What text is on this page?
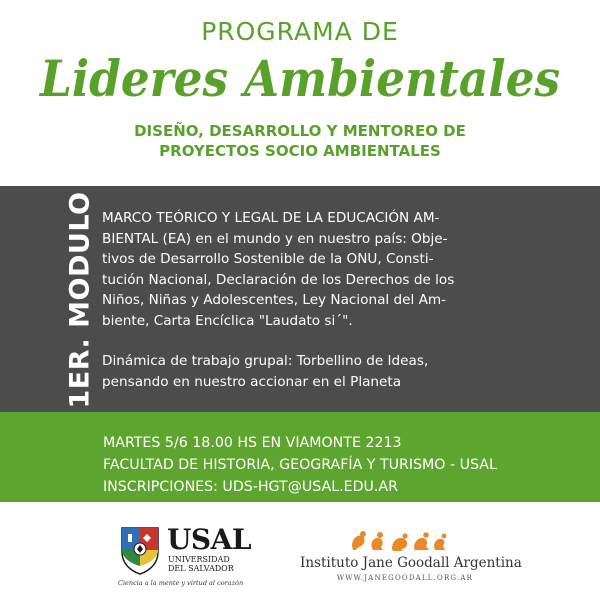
PROGRAMA DE
Lideres Ambientales
DISEÑO, DESARROLLO Y MENTOREO DE
PROYECTOS SOCIO AMBIENTALES
1ER. MODULO MARCO TEÓRICO Y LEGAL DE LA EDUCACIÓN AM-
BIENTAL (EA) en el mundo y en nuestro país: Obje-
tivos de Desarrollo Sostenible de la ONU, Consti-
tución Nacional, Declaración de los Derechos de los
Niños, Niñas y Adolescentes, Ley Nacional del Am-
biente, Carta Encíclica "Laudato si´".

Dinámica de trabajo grupal: Torbellino de Ideas,
pensando en nuestro accionar en el Planeta

MARTES 5/6 18.00 HS EN VIAMONTE 2213
FACULTAD DE HISTORIA, GEOGRAFÍA Y TURISMO - USAL
INSCRIPCIONES: UDS-HGT@USAL.EDU.AR
USAL
UNIVERSIDAD
DEL SALVADOR
Ciencia a la mente y virtud al corazón
Instituto Jane Goodall Argentina
WWW.JANEGOODALL.ORG.AR
